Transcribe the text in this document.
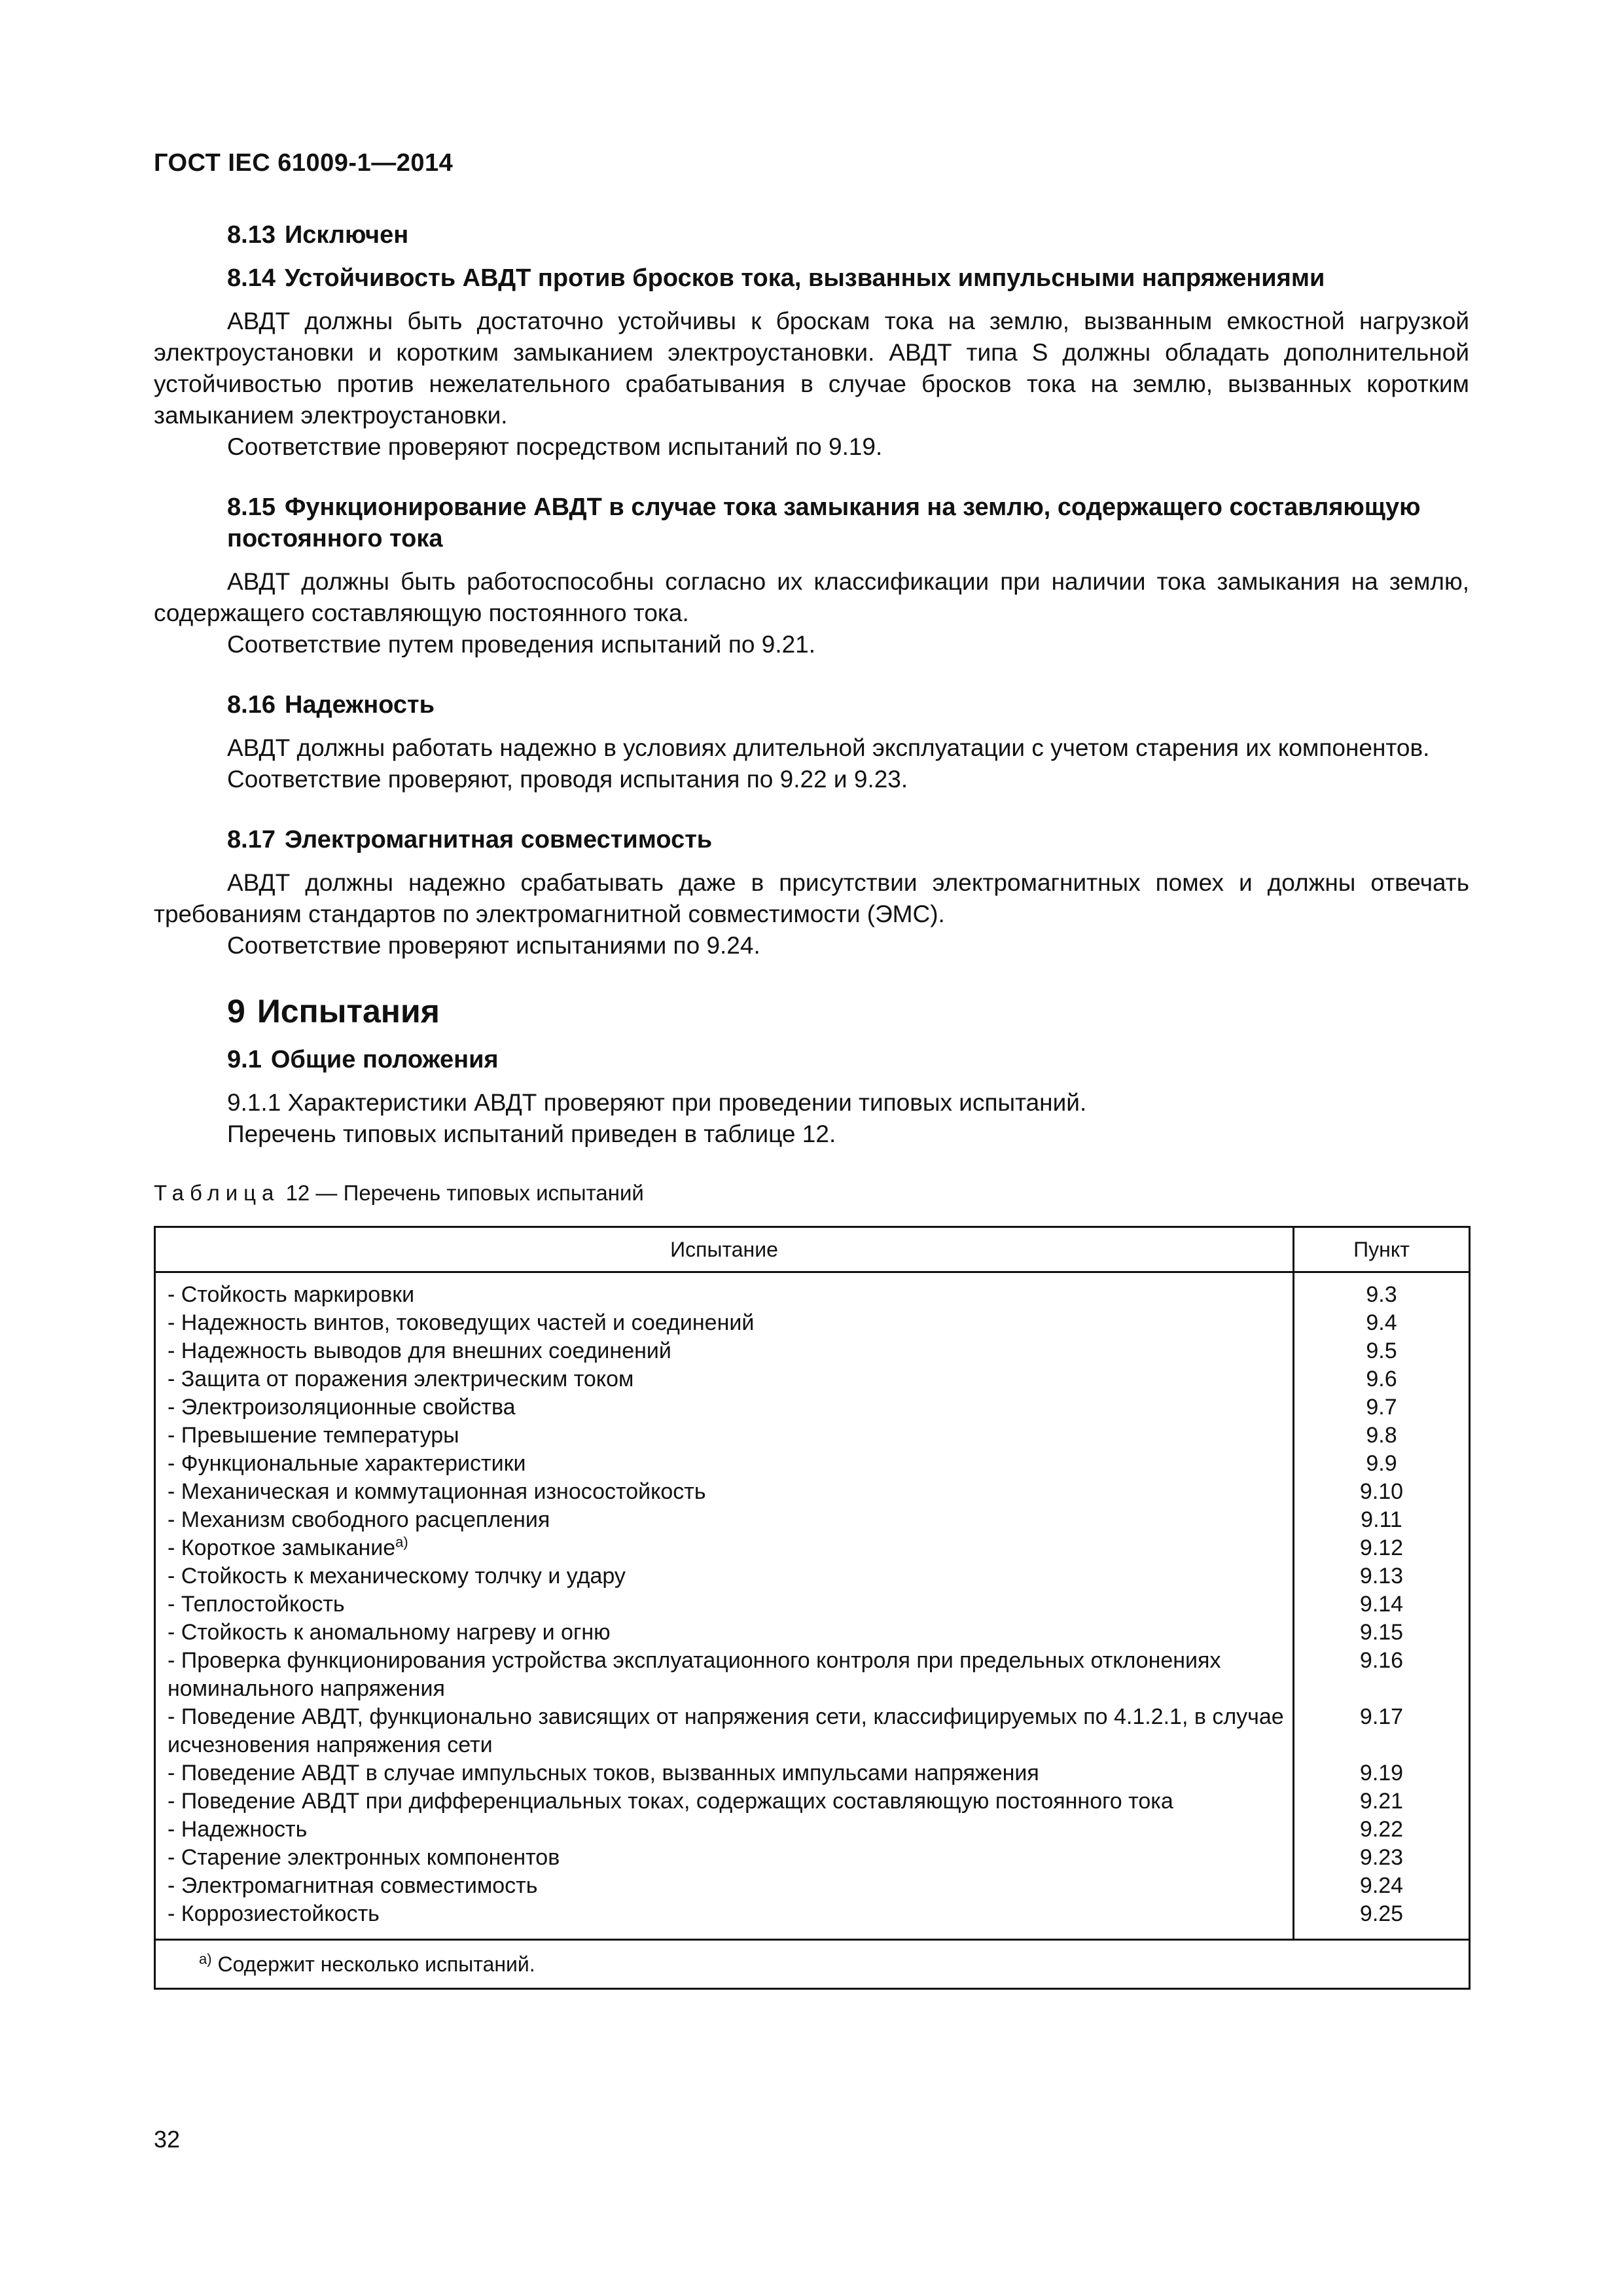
ГОСТ IEC 61009-1—2014

8.13 Исключен
8.14 Устойчивость АВДТ против бросков тока, вызванных импульсными напряжениями

АВДТ должны быть достаточно устойчивы к броскам тока на землю, вызванным емкостной нагрузкой электроустановки и коротким замыканием электроустановки. АВДТ типа S должны обладать дополнительной устойчивостью против нежелательного срабатывания в случае бросков тока на землю, вызванных коротким замыканием электроустановки.

Соответствие проверяют посредством испытаний по 9.19.

8.15 Функционирование АВДТ в случае тока замыкания на землю, содержащего составляющую постоянного тока

АВДТ должны быть работоспособны согласно их классификации при наличии тока замыкания на землю, содержащего составляющую постоянного тока.

Соответствие путем проведения испытаний по 9.21.

8.16 Надежность

АВДТ должны работать надежно в условиях длительной эксплуатации с учетом старения их компонентов.

Соответствие проверяют, проводя испытания по 9.22 и 9.23.

8.17 Электромагнитная совместимость

АВДТ должны надежно срабатывать даже в присутствии электромагнитных помех и должны отвечать требованиям стандартов по электромагнитной совместимости (ЭМС).

Соответствие проверяют испытаниями по 9.24.

9 Испытания
9.1 Общие положения

9.1.1 Характеристики АВДТ проверяют при проведении типовых испытаний.

Перечень типовых испытаний приведен в таблице 12.

Таблица 12 — Перечень типовых испытаний

Испытание	Пункт
- Стойкость маркировки	9.3
- Надежность винтов, токоведущих частей и соединений	9.4
- Надежность выводов для внешних соединений	9.5
- Защита от поражения электрическим током	9.6
- Электроизоляционные свойства	9.7
- Превышение температуры	9.8
- Функциональные характеристики	9.9
- Механическая и коммутационная износостойкость	9.10
- Механизм свободного расцепления	9.11
- Короткое замыкание$^{a)}$	9.12
- Стойкость к механическому толчку и удару	9.13
- Теплостойкость	9.14
- Стойкость к аномальному нагреву и огню	9.15
- Проверка функционирования устройства эксплуатационного контроля при предельных отклонениях номинального напряжения	9.16
- Поведение АВДТ, функционально зависящих от напряжения сети, классифицируемых по 4.1.2.1, в случае исчезновения напряжения сети	9.17
- Поведение АВДТ в случае импульсных токов, вызванных импульсами напряжения	9.19
- Поведение АВДТ при дифференциальных токах, содержащих составляющую постоянного тока	9.21
- Надежность	9.22
- Старение электронных компонентов	9.23
- Электромагнитная совместимость	9.24
- Коррозиестойкость	9.25
$^{a)}$ Содержит несколько испытаний.	

32
